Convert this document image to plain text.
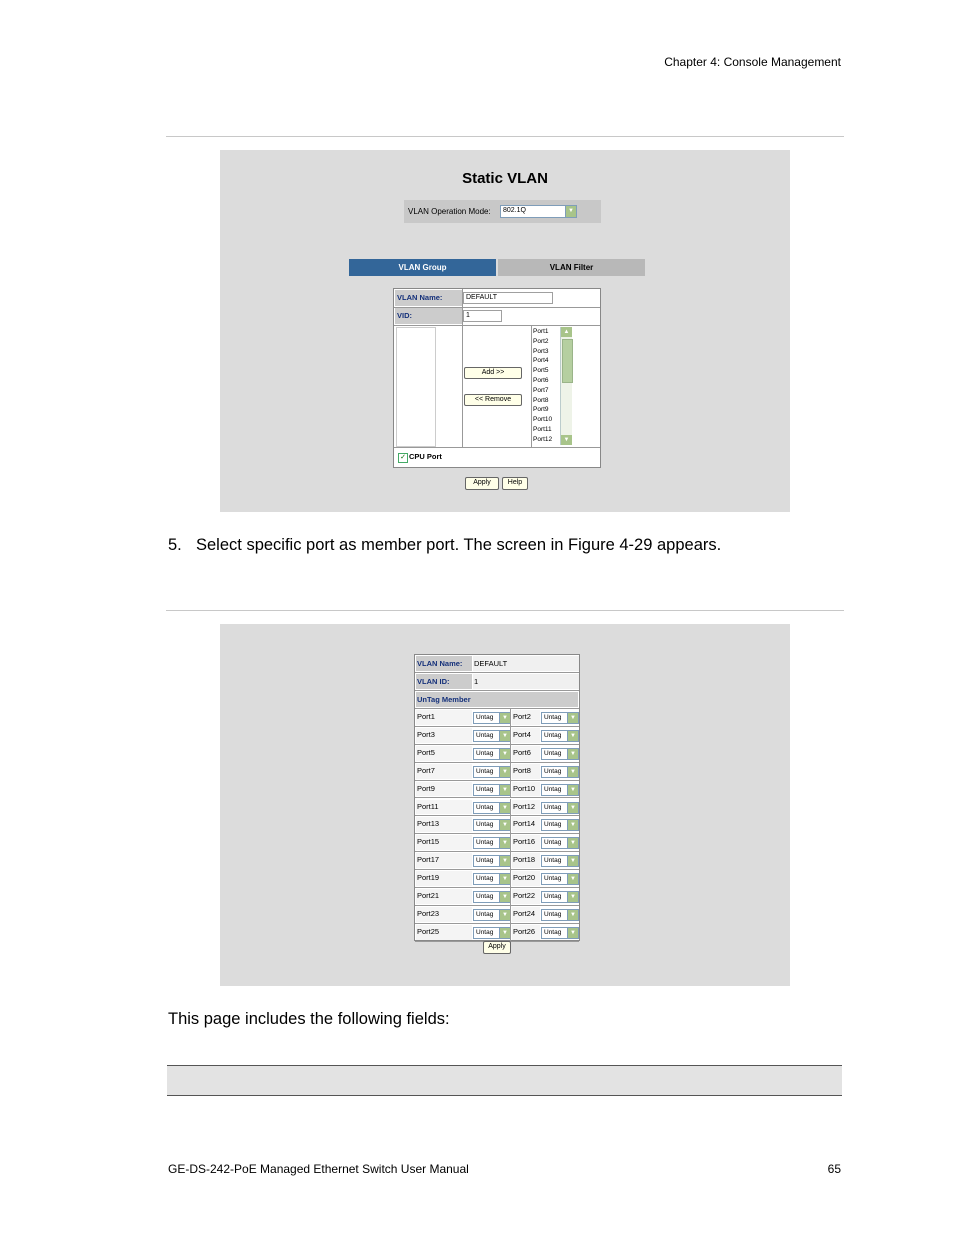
Chapter 4: Console Management
Static VLAN
VLAN Operation Mode: 802.1Q	▼
VLAN Group	VLAN Filter
VLAN Name:	DEFAULT
VID:	1
Add >>
<< Remove
Port1
Port2
Port3
Port4
Port5
Port6
Port7
Port8
Port9
Port10
Port11
Port12
▲
▼
✓ CPU Port
Apply	Help
5. Select specific port as member port. The screen in Figure 4-29 appears.
VLAN Name:	DEFAULT
VLAN ID:	1
UnTag Member
Port1	Untag	▼ Port2	Untag	▼
Port3	Untag	▼ Port4	Untag	▼
Port5	Untag	▼ Port6	Untag	▼
Port7	Untag	▼ Port8	Untag	▼
Port9	Untag	▼ Port10	Untag	▼
Port11	Untag	▼ Port12	Untag	▼
Port13	Untag	▼ Port14	Untag	▼
Port15	Untag	▼ Port16	Untag	▼
Port17	Untag	▼ Port18	Untag	▼
Port19	Untag	▼ Port20	Untag	▼
Port21	Untag	▼ Port22	Untag	▼
Port23	Untag	▼ Port24	Untag	▼
Port25	Untag	▼ Port26	Untag	▼
Apply
This page includes the following fields:
GE-DS-242-PoE Managed Ethernet Switch User Manual	65
